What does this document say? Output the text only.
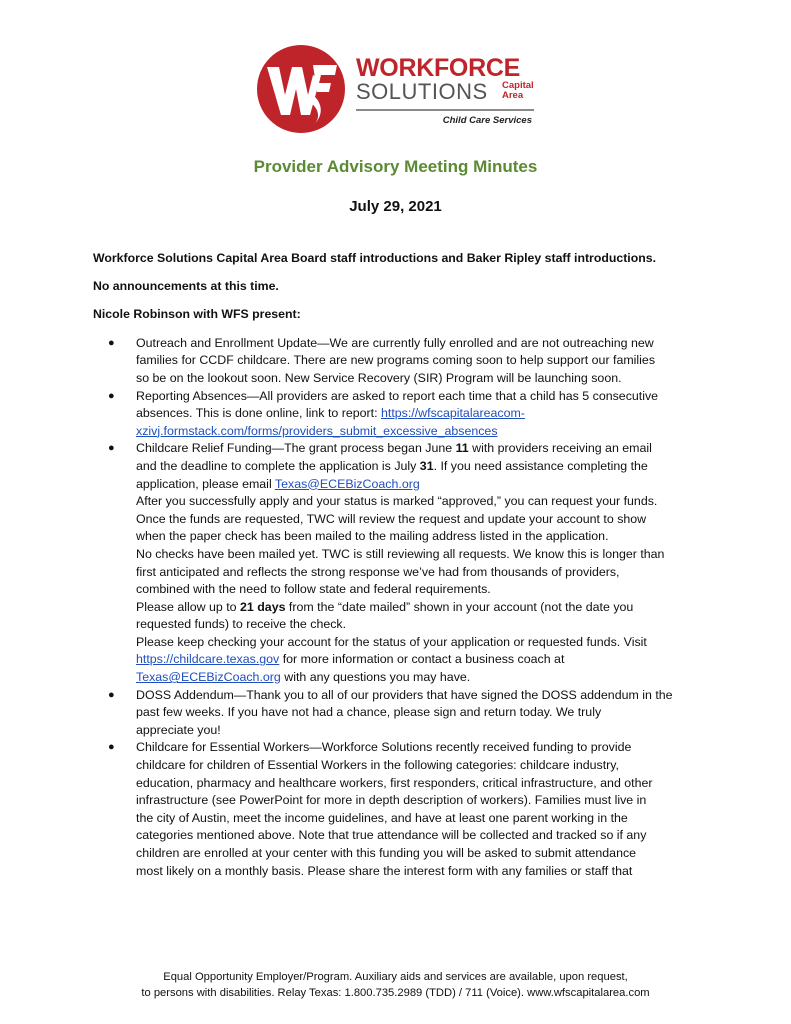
WORKFORCE
SOLUTIONS Capital
Area
Child Care Services
Provider Advisory Meeting Minutes
July 29, 2021

Workforce Solutions Capital Area Board staff introductions and Baker Ripley staff introductions.

No announcements at this time.

Nicole Robinson with WFS present:

● Outreach and Enrollment Update—We are currently fully enrolled and are not outreaching new
families for CCDF childcare. There are new programs coming soon to help support our families
so be on the lookout soon. New Service Recovery (SIR) Program will be launching soon.
● Reporting Absences—All providers are asked to report each time that a child has 5 consecutive
absences. This is done online, link to report: https://wfscapitalareacom-
xzivj.formstack.com/forms/providers_submit_excessive_absences
● Childcare Relief Funding—The grant process began June 11 with providers receiving an email
and the deadline to complete the application is July 31. If you need assistance completing the
application, please email Texas@ECEBizCoach.org
After you successfully apply and your status is marked “approved,” you can request your funds.
Once the funds are requested, TWC will review the request and update your account to show
when the paper check has been mailed to the mailing address listed in the application.
No checks have been mailed yet. TWC is still reviewing all requests. We know this is longer than
first anticipated and reflects the strong response we’ve had from thousands of providers,
combined with the need to follow state and federal requirements.
Please allow up to 21 days from the “date mailed” shown in your account (not the date you
requested funds) to receive the check.
Please keep checking your account for the status of your application or requested funds. Visit
https://childcare.texas.gov for more information or contact a business coach at
Texas@ECEBizCoach.org with any questions you may have.
● DOSS Addendum—Thank you to all of our providers that have signed the DOSS addendum in the
past few weeks. If you have not had a chance, please sign and return today. We truly
appreciate you!
● Childcare for Essential Workers—Workforce Solutions recently received funding to provide
childcare for children of Essential Workers in the following categories: childcare industry,
education, pharmacy and healthcare workers, first responders, critical infrastructure, and other
infrastructure (see PowerPoint for more in depth description of workers). Families must live in
the city of Austin, meet the income guidelines, and have at least one parent working in the
categories mentioned above. Note that true attendance will be collected and tracked so if any
children are enrolled at your center with this funding you will be asked to submit attendance
most likely on a monthly basis. Please share the interest form with any families or staff that
Equal Opportunity Employer/Program. Auxiliary aids and services are available, upon request,
to persons with disabilities. Relay Texas: 1.800.735.2989 (TDD) / 711 (Voice). www.wfscapitalarea.com
